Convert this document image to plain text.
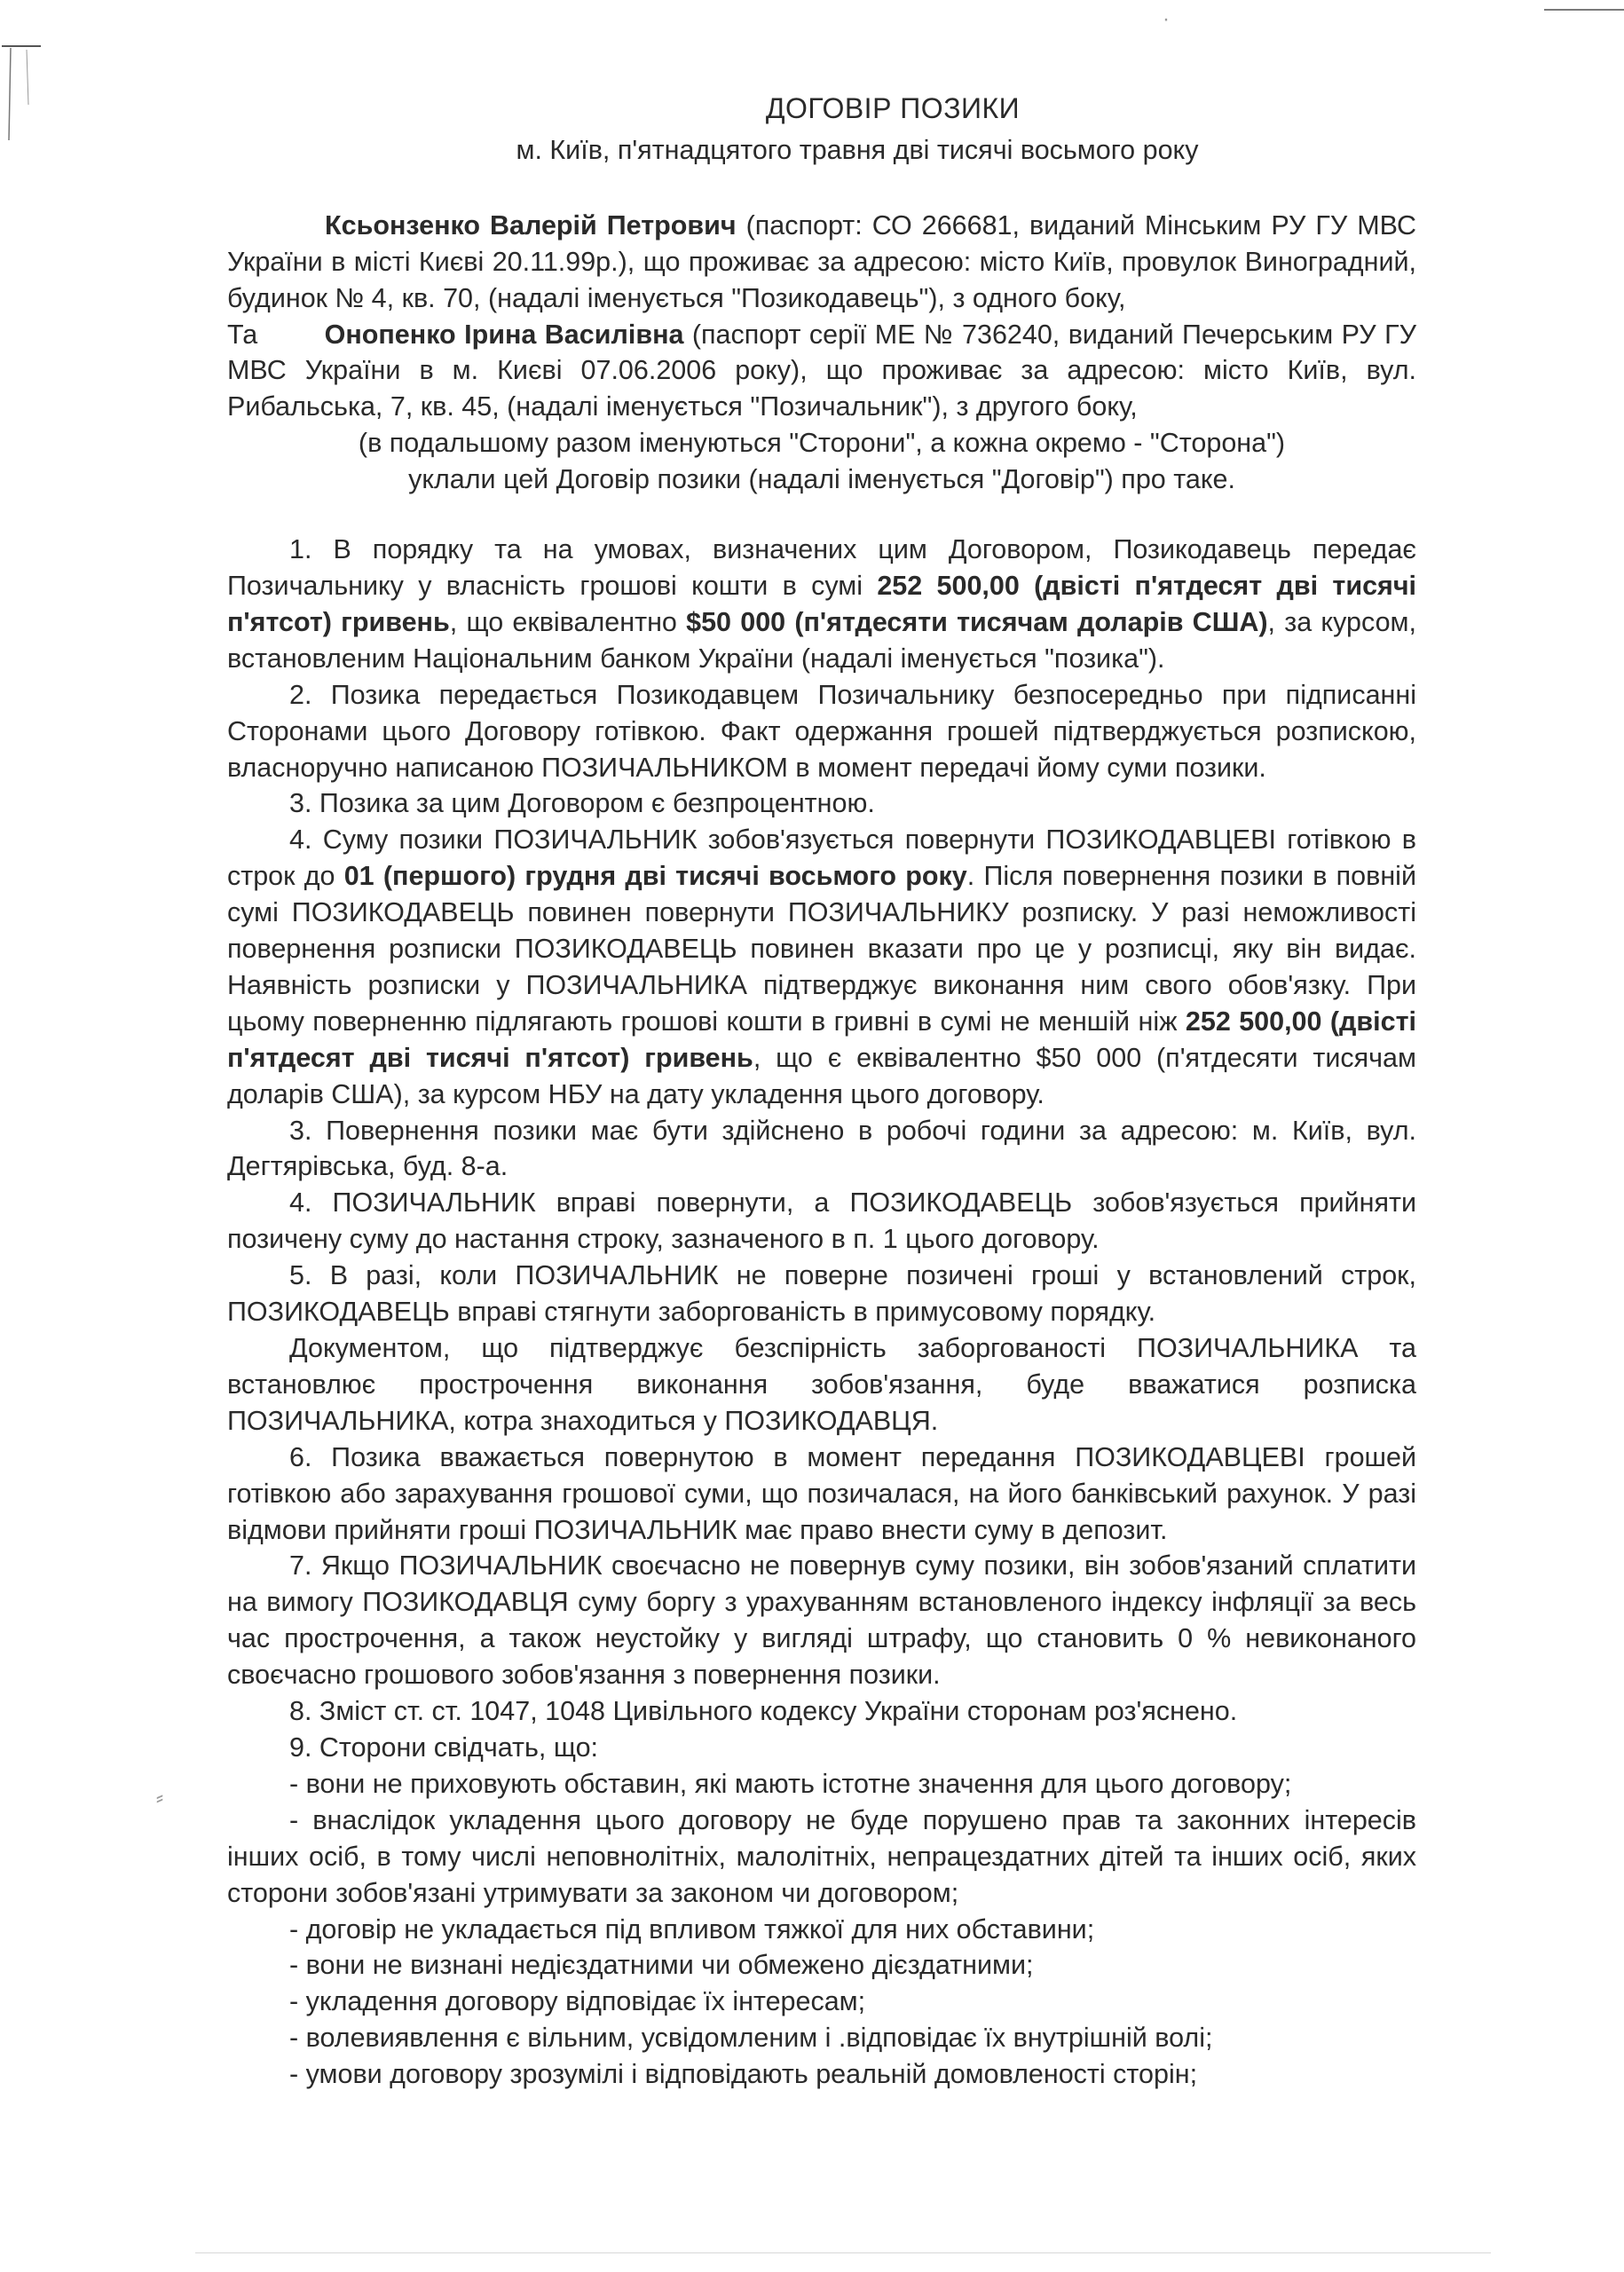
⸗
·

ДОГОВІР ПОЗИКИ

м. Київ, п'ятнадцятого травня дві тисячі восьмого року

Кcьонзенко Валерій Петрович (паспорт: СО 266681, виданий Мінським РУ ГУ МВС України в місті Києві 20.11.99р.), що проживає за адресою: місто Київ, провулок Виноградний, будинок № 4, кв. 70, (надалі іменується "Позикодавець"), з одного боку,

Та Онопенко Ірина Василівна (паспорт серії МЕ № 736240, виданий Печерським РУ ГУ МВС України в м. Києві 07.06.2006 року), що проживає за адресою: місто Київ, вул. Рибальська, 7, кв. 45, (надалі іменується "Позичальник"), з другого боку,

(в подальшому разом іменуються "Сторони", а кожна окремо - "Сторона")

уклали цей Договір позики (надалі іменується "Договір") про таке.

1. В порядку та на умовах, визначених цим Договором, Позикодавець передає Позичальнику у власність грошові кошти в сумі 252 500,00 (двісті п'ятдесят дві тисячі п'ятсот) гривень, що еквівалентно $50 000 (п'ятдесяти тисячам доларів США), за курсом, встановленим Національним банком України (надалі іменується "позика").

2. Позика передається Позикодавцем Позичальнику безпосередньо при підписанні Сторонами цього Договору готівкою. Факт одержання грошей підтверджується розпискою, власноручно написаною ПОЗИЧАЛЬНИКОМ в момент передачі йому суми позики.

3. Позика за цим Договором є безпроцентною.

4. Суму позики ПОЗИЧАЛЬНИК зобов'язується повернути ПОЗИКОДАВЦЕВІ готівкою в строк до 01 (першого) грудня дві тисячі восьмого року. Після повернення позики в повній сумі ПОЗИКОДАВЕЦЬ повинен повернути ПОЗИЧАЛЬНИКУ розписку. У разі неможливості повернення розписки ПОЗИКОДАВЕЦЬ повинен вказати про це у розписці, яку він видає. Наявність розписки у ПОЗИЧАЛЬНИКА підтверджує виконання ним свого обов'язку. При цьому поверненню підлягають грошові кошти в гривні в сумі не меншій ніж 252 500,00 (двісті п'ятдесят дві тисячі п'ятсот) гривень, що є еквівалентно $50 000 (п'ятдесяти тисячам доларів США), за курсом НБУ на дату укладення цього договору.

3. Повернення позики має бути здійснено в робочі години за адресою: м. Київ, вул. Дегтярівська, буд. 8-а.

4. ПОЗИЧАЛЬНИК вправі повернути, а ПОЗИКОДАВЕЦЬ зобов'язується прийняти позичену суму до настання строку, зазначеного в п. 1 цього договору.

5. В разі, коли ПОЗИЧАЛЬНИК не поверне позичені гроші у встановлений строк, ПОЗИКОДАВЕЦЬ вправі стягнути заборгованість в примусовому порядку.

Документом, що підтверджує безспірність заборгованості ПОЗИЧАЛЬНИКА та встановлює прострочення виконання зобов'язання, буде вважатися розписка ПОЗИЧАЛЬНИКА, котра знаходиться у ПОЗИКОДАВЦЯ.

6. Позика вважається повернутою в момент передання ПОЗИКОДАВЦЕВІ грошей готівкою або зарахування грошової суми, що позичалася, на його банківський рахунок. У разі відмови прийняти гроші ПОЗИЧАЛЬНИК має право внести суму в депозит.

7. Якщо ПОЗИЧАЛЬНИК своєчасно не повернув суму позики, він зобов'язаний сплатити на вимогу ПОЗИКОДАВЦЯ суму боргу з урахуванням встановленого індексу інфляції за весь час прострочення, а також неустойку у вигляді штрафу, що становить 0 % невиконаного своєчасно грошового зобов'язання з повернення позики.

8. Зміст ст. ст. 1047, 1048 Цивільного кодексу України сторонам роз'яснено.

9. Сторони свідчать, що:

- вони не приховують обставин, які мають істотне значення для цього договору;

- внаслідок укладення цього договору не буде порушено прав та законних інтересів інших осіб, в тому числі неповнолітніх, малолітніх, непрацездатних дітей та інших осіб, яких сторони зобов'язані утримувати за законом чи договором;

- договір не укладається під впливом тяжкої для них обставини;

- вони не визнані недієздатними чи обмежено дієздатними;

- укладення договору відповідає їх інтересам;

- волевиявлення є вільним, усвідомленим і .відповідає їх внутрішній волі;

- умови договору зрозумілі і відповідають реальній домовленості сторін;
